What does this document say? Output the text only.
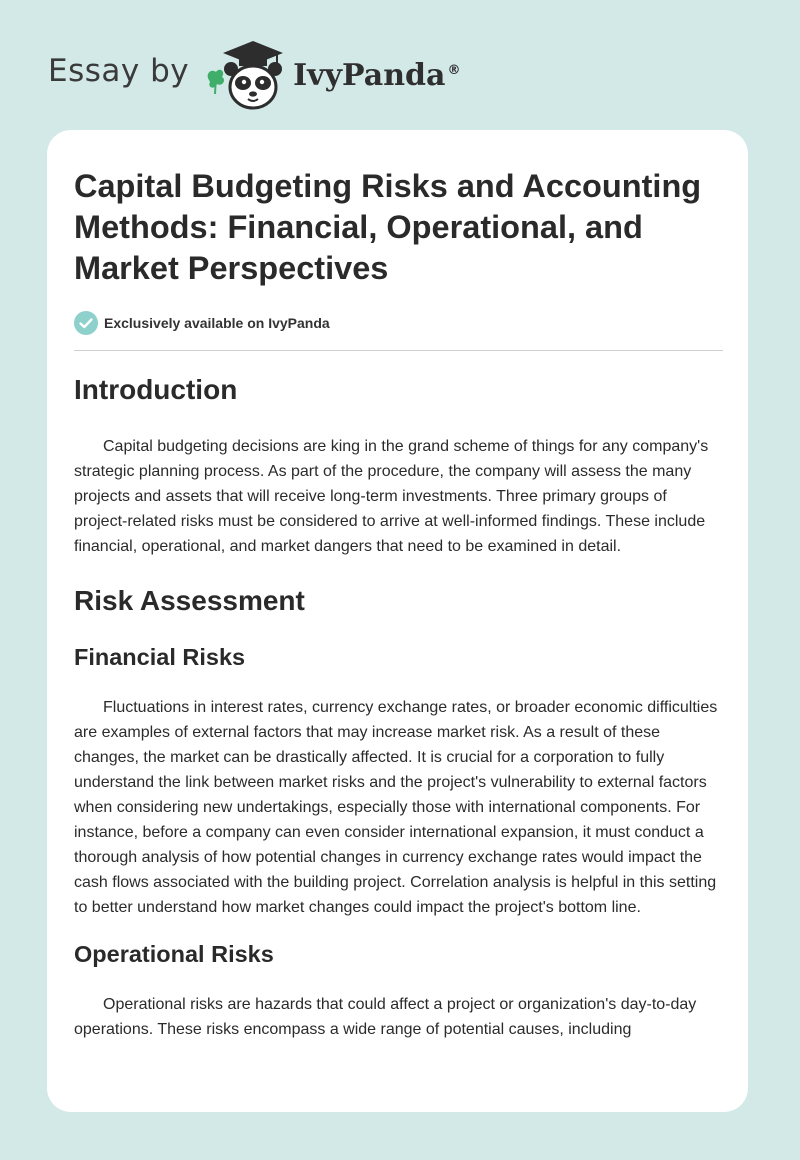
Essay by	IvyPanda ®
Capital Budgeting Risks and Accounting Methods: Financial, Operational, and Market Perspectives
Exclusively available on IvyPanda
Introduction

Capital budgeting decisions are king in the grand scheme of things for any company's strategic planning process. As part of the procedure, the company will assess the many projects and assets that will receive long-term investments. Three primary groups of project-related risks must be considered to arrive at well-informed findings. These include financial, operational, and market dangers that need to be examined in detail.

Risk Assessment
Financial Risks

Fluctuations in interest rates, currency exchange rates, or broader economic difficulties are examples of external factors that may increase market risk. As a result of these changes, the market can be drastically affected. It is crucial for a corporation to fully understand the link between market risks and the project's vulnerability to external factors when considering new undertakings, especially those with international components. For instance, before a company can even consider international expansion, it must conduct a thorough analysis of how potential changes in currency exchange rates would impact the cash flows associated with the building project. Correlation analysis is helpful in this setting to better understand how market changes could impact the project's bottom line.

Operational Risks

Operational risks are hazards that could affect a project or organization's day-to-day operations. These risks encompass a wide range of potential causes, including
